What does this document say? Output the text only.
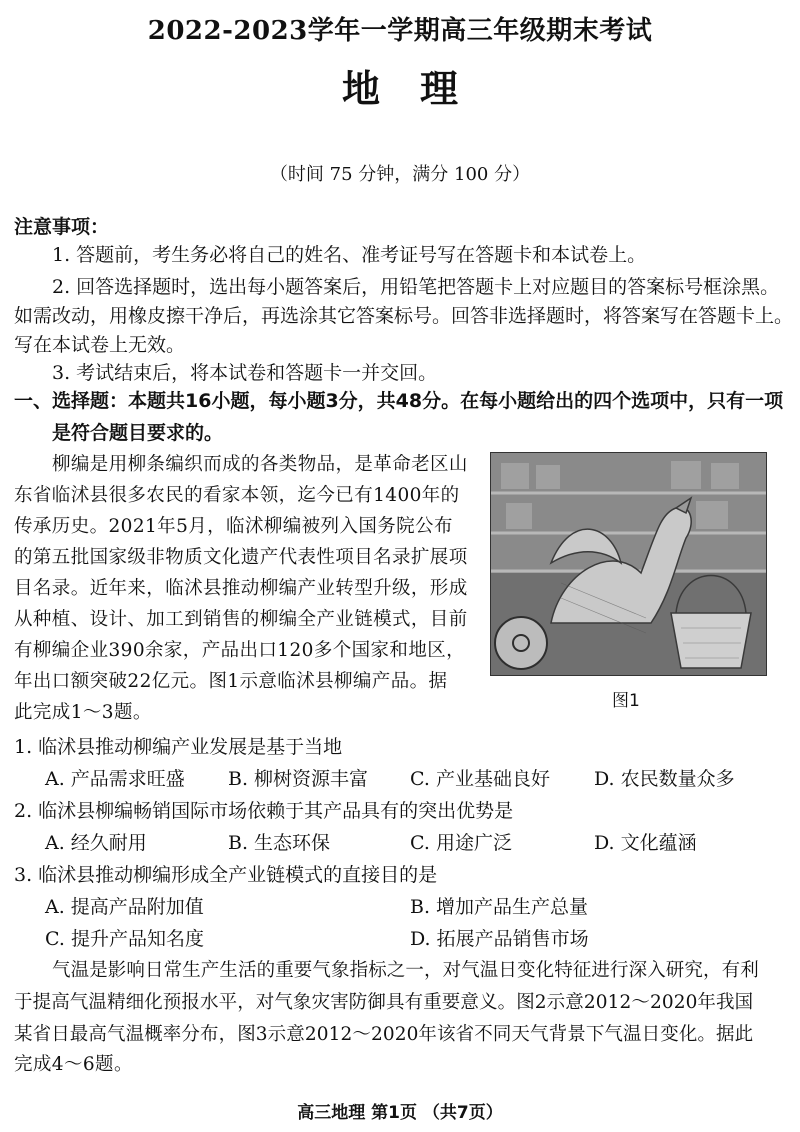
2022-2023学年一学期高三年级期末考试
地理
（时间 75 分钟，满分 100 分）
注意事项：
1. 答题前，考生务必将自己的姓名、准考证号写在答题卡和本试卷上。
2. 回答选择题时，选出每小题答案后，用铅笔把答题卡上对应题目的答案标号框涂黑。
如需改动，用橡皮擦干净后，再选涂其它答案标号。回答非选择题时，将答案写在答题卡上。
写在本试卷上无效。
3. 考试结束后，将本试卷和答题卡一并交回。
一、选择题：本题共16小题，每小题3分，共48分。在每小题给出的四个选项中，只有一项
是符合题目要求的。
柳编是用柳条编织而成的各类物品，是革命老区山
东省临沭县很多农民的看家本领，迄今已有1400年的
传承历史。2021年5月，临沭柳编被列入国务院公布
的第五批国家级非物质文化遗产代表性项目名录扩展项
目名录。近年来，临沭县推动柳编产业转型升级，形成
从种植、设计、加工到销售的柳编全产业链模式，目前
有柳编企业390余家，产品出口120多个国家和地区，
年出口额突破22亿元。图1示意临沭县柳编产品。据
此完成1～3题。
图1
1. 临沭县推动柳编产业发展是基于当地
A. 产品需求旺盛 B. 柳树资源丰富 C. 产业基础良好 D. 农民数量众多
2. 临沭县柳编畅销国际市场依赖于其产品具有的突出优势是
A. 经久耐用	B. 生态环保	C. 用途广泛	D. 文化蕴涵
3. 临沭县推动柳编形成全产业链模式的直接目的是
A. 提高产品附加值	B. 增加产品生产总量
C. 提升产品知名度	D. 拓展产品销售市场
气温是影响日常生产生活的重要气象指标之一，对气温日变化特征进行深入研究，有利
于提高气温精细化预报水平，对气象灾害防御具有重要意义。图2示意2012～2020年我国
某省日最高气温概率分布，图3示意2012～2020年该省不同天气背景下气温日变化。据此
完成4～6题。
高三地理 第1页 （共7页）
